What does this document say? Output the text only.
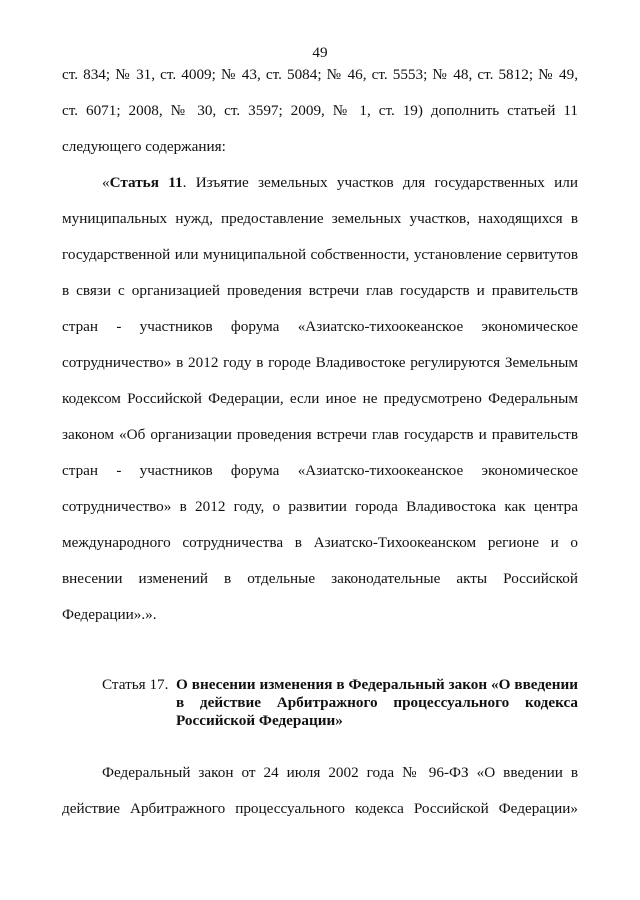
49
ст. 834; № 31, ст. 4009; № 43, ст. 5084; № 46, ст. 5553; № 48, ст. 5812; № 49,
ст. 6071; 2008, № 30, ст. 3597; 2009, № 1, ст. 19) дополнить статьей 11
следующего содержания:
«Статья 11. Изъятие земельных участков для государственных или
муниципальных нужд, предоставление земельных участков, находящихся в
государственной или муниципальной собственности, установление сервитутов
в связи с организацией проведения встречи глав государств и правительств
стран - участников форума «Азиатско-тихоокеанское экономическое
сотрудничество» в 2012 году в городе Владивостоке регулируются Земельным
кодексом Российской Федерации, если иное не предусмотрено Федеральным
законом «Об организации проведения встречи глав государств и правительств
стран - участников форума «Азиатско-тихоокеанское экономическое
сотрудничество» в 2012 году, о развитии города Владивостока как центра
международного сотрудничества в Азиатско-Тихоокеанском регионе и о
внесении изменений в отдельные законодательные акты Российской
Федерации».».
Статья 17. О внесении изменения в Федеральный закон «О введении
в действие Арбитражного процессуального кодекса
Российской Федерации»
Федеральный закон от 24 июля 2002 года № 96-ФЗ «О введении в
действие Арбитражного процессуального кодекса Российской Федерации»
